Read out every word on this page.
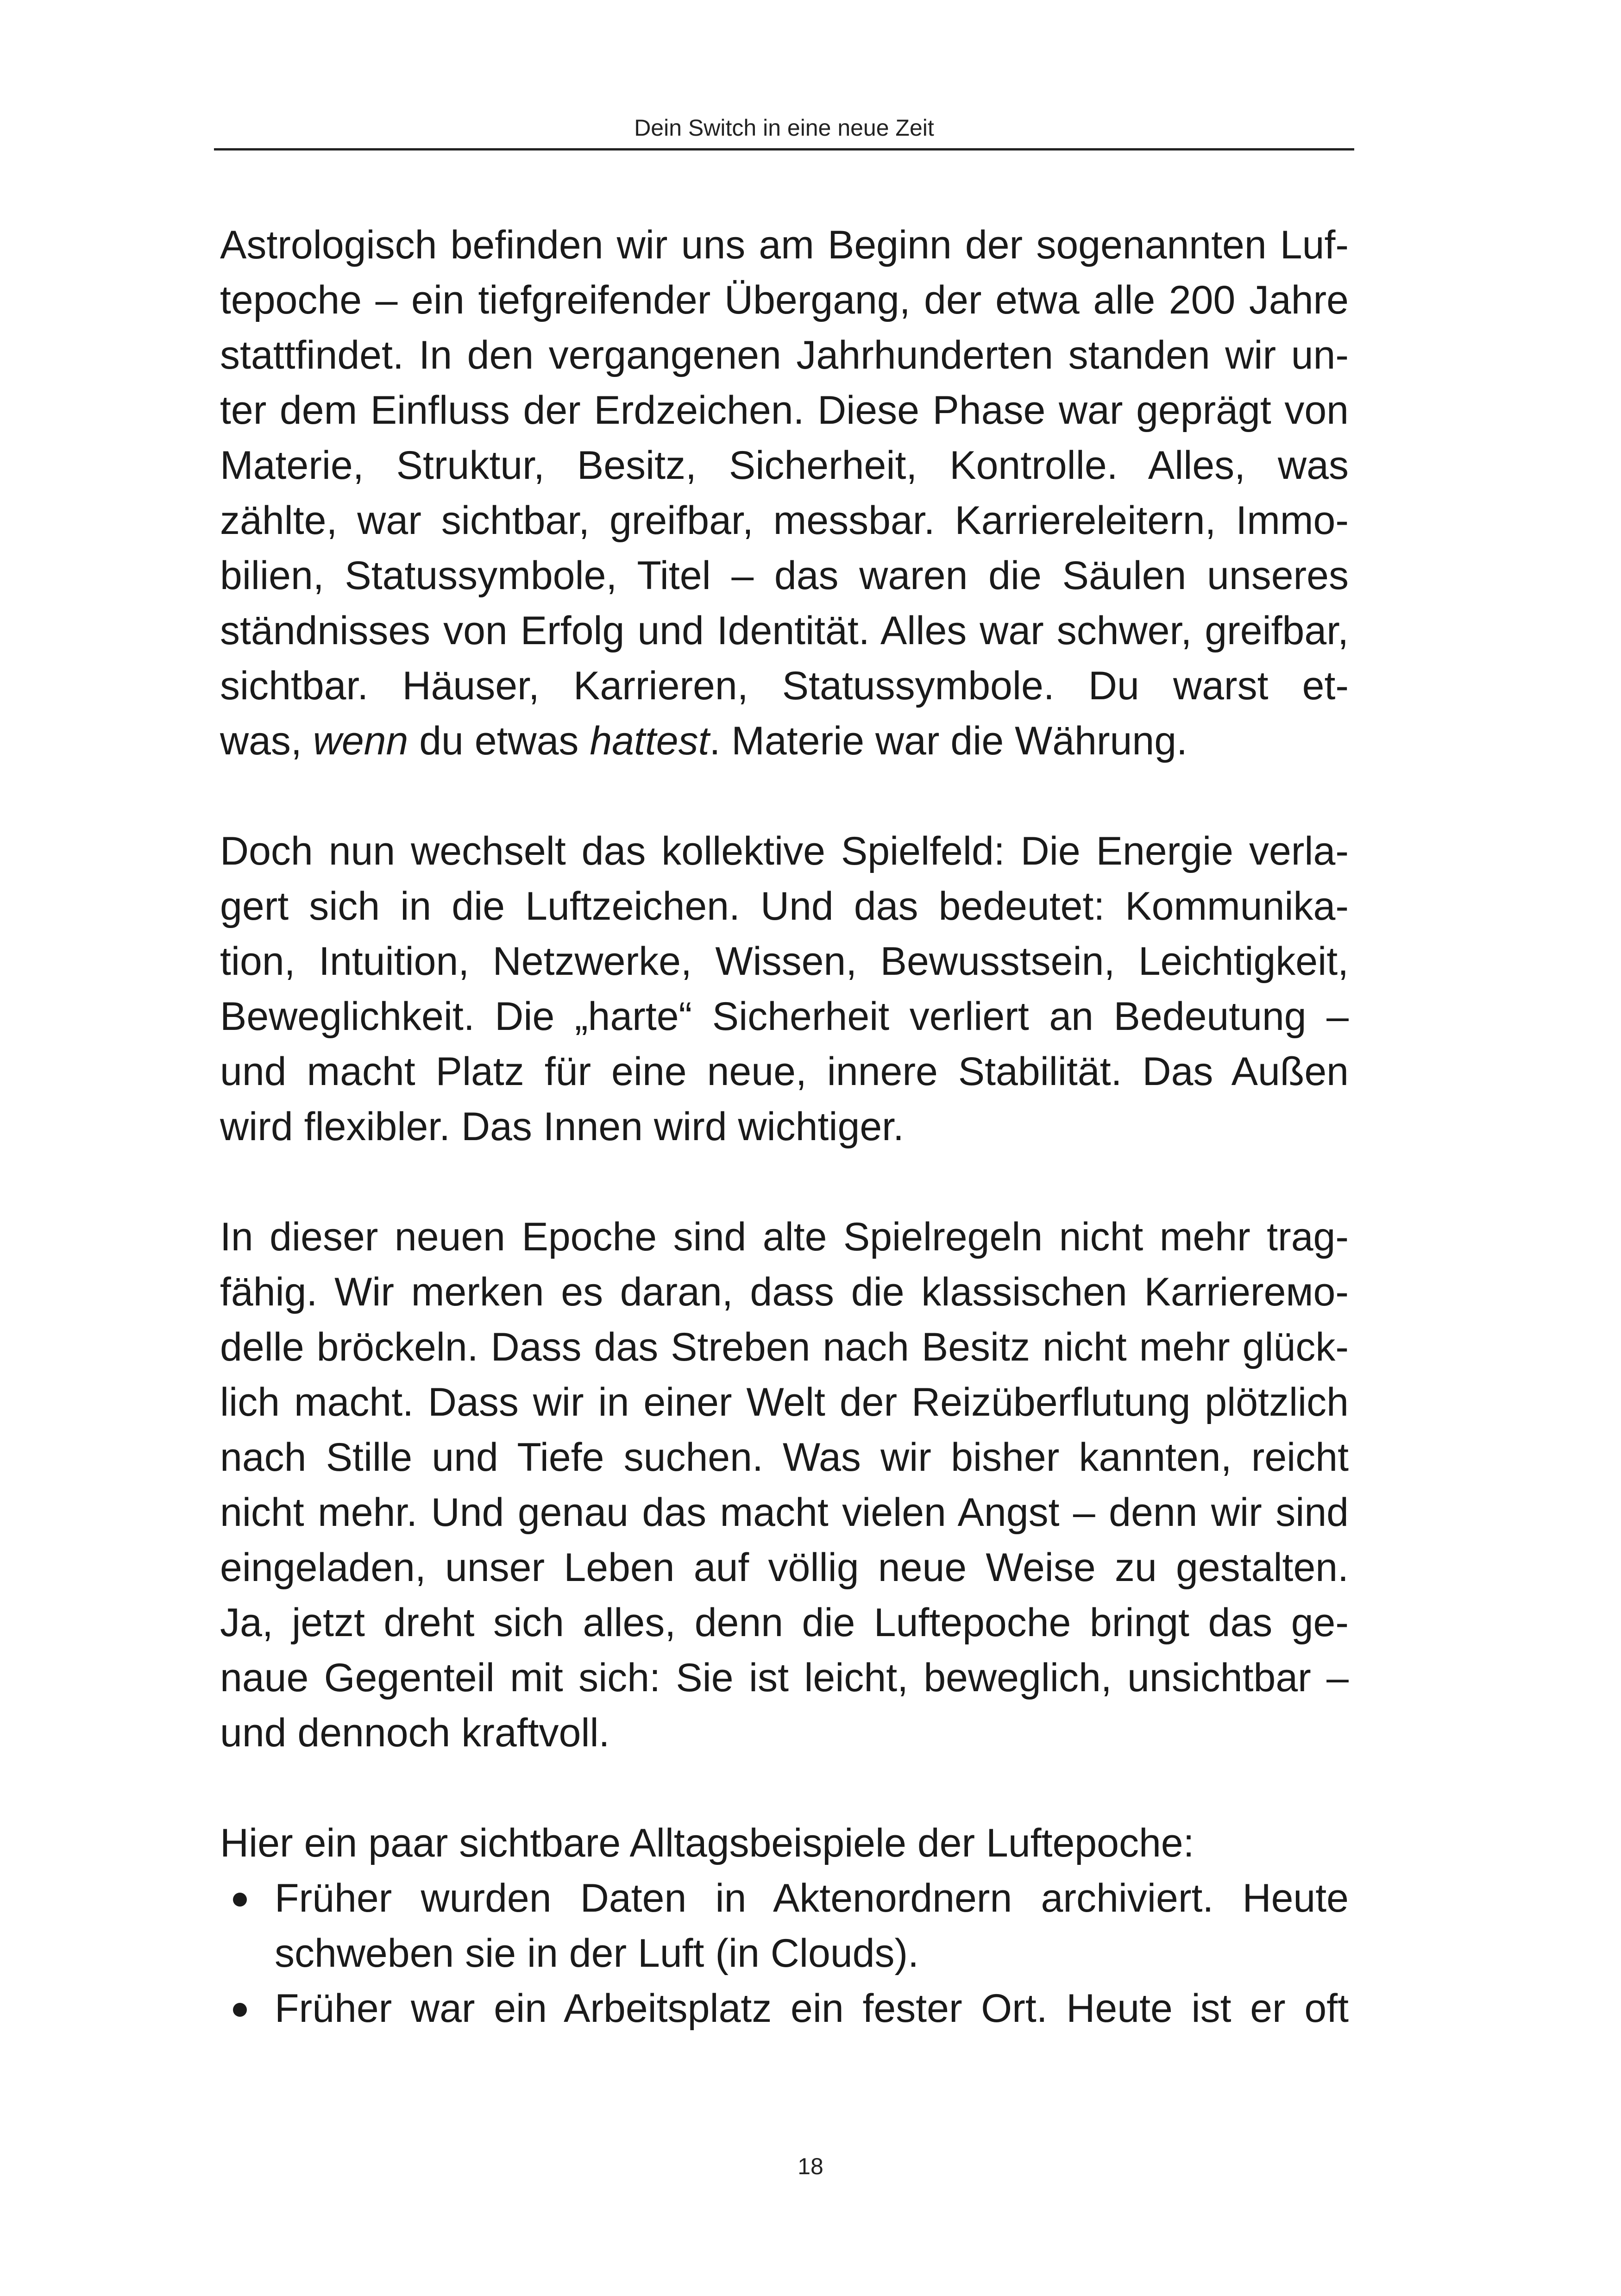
Dein Switch in eine neue Zeit
Astrologisch befinden wir uns am Beginn der sogenannten Luf-
tepoche – ein tiefgreifender Übergang, der etwa alle 200 Jahre
stattfindet. In den vergangenen Jahrhunderten standen wir un-
ter dem Einfluss der Erdzeichen. Diese Phase war geprägt von
Materie, Struktur, Besitz, Sicherheit, Kontrolle. Alles, was
zählte, war sichtbar, greifbar, messbar. Karriereleitern, Immo-
bilien, Statussymbole, Titel – das waren die Säulen unseres
ständnisses von Erfolg und Identität. Alles war schwer, greifbar,
sichtbar. Häuser, Karrieren, Statussymbole. Du warst et-
was, wenn du etwas hattest. Materie war die Währung.
Doch nun wechselt das kollektive Spielfeld: Die Energie verla-
gert sich in die Luftzeichen. Und das bedeutet: Kommunika-
tion, Intuition, Netzwerke, Wissen, Bewusstsein, Leichtigkeit,
Beweglichkeit. Die „harte“ Sicherheit verliert an Bedeutung –
und macht Platz für eine neue, innere Stabilität. Das Außen
wird flexibler. Das Innen wird wichtiger.
In dieser neuen Epoche sind alte Spielregeln nicht mehr trag-
fähig. Wir merken es daran, dass die klassischen Karriereмo-
delle bröckeln. Dass das Streben nach Besitz nicht mehr glück-
lich macht. Dass wir in einer Welt der Reizüberflutung plötzlich
nach Stille und Tiefe suchen. Was wir bisher kannten, reicht
nicht mehr. Und genau das macht vielen Angst – denn wir sind
eingeladen, unser Leben auf völlig neue Weise zu gestalten.
Ja, jetzt dreht sich alles, denn die Luftepoche bringt das ge-
naue Gegenteil mit sich: Sie ist leicht, beweglich, unsichtbar –
und dennoch kraftvoll.
Hier ein paar sichtbare Alltagsbeispiele der Luftepoche:
Früher wurden Daten in Aktenordnern archiviert. Heute
schweben sie in der Luft (in Clouds).
Früher war ein Arbeitsplatz ein fester Ort. Heute ist er oft
18
